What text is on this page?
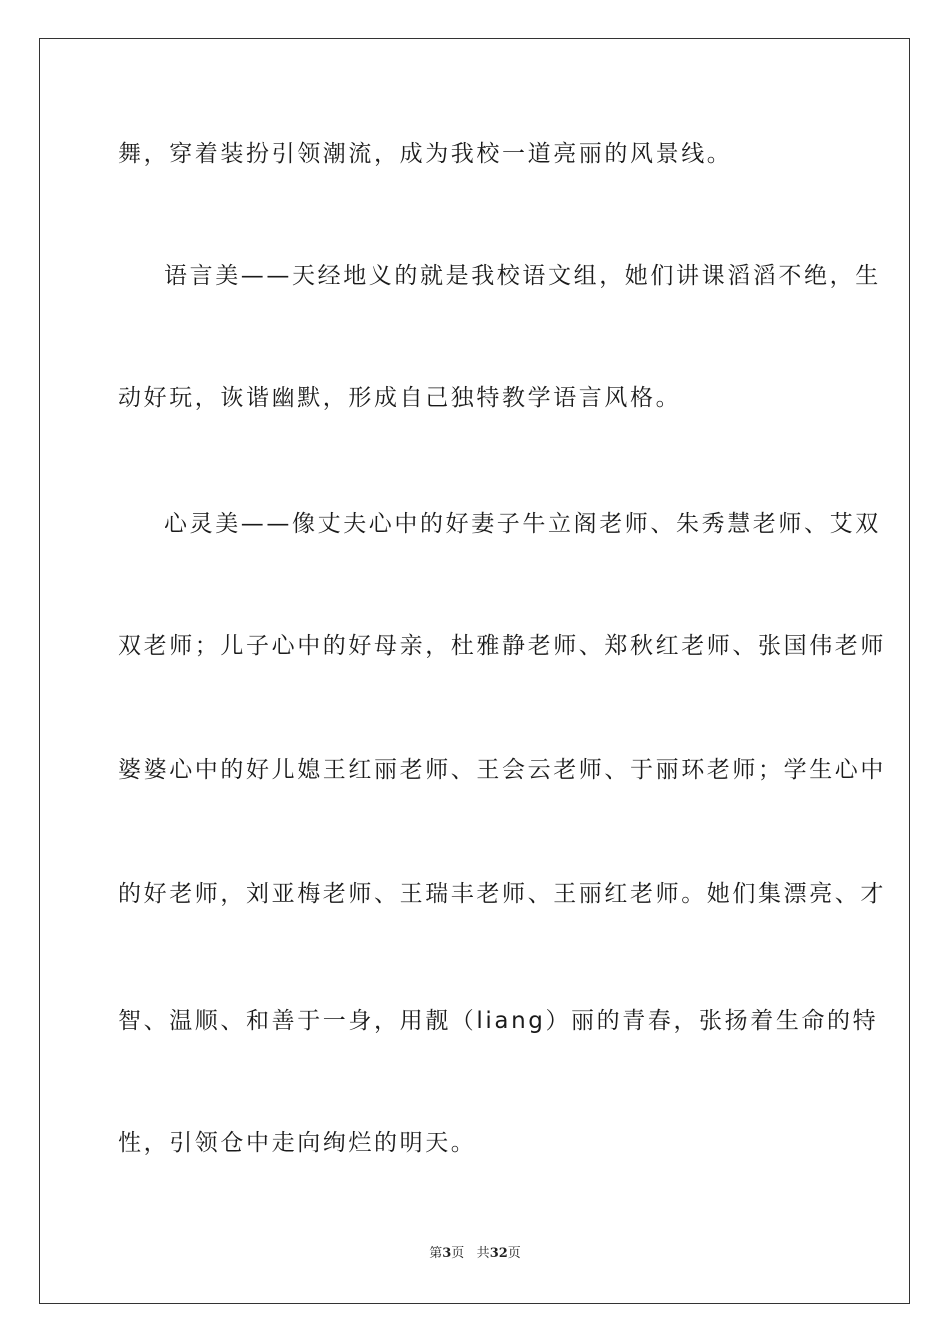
舞，穿着装扮引领潮流，成为我校一道亮丽的风景线。
语言美——天经地义的就是我校语文组，她们讲课滔滔不绝，生
动好玩，诙谐幽默，形成自己独特教学语言风格。
心灵美——像丈夫心中的好妻子牛立阁老师、朱秀慧老师、艾双
双老师；儿子心中的好母亲，杜雅静老师、郑秋红老师、张国伟老师
婆婆心中的好儿媳王红丽老师、王会云老师、于丽环老师；学生心中
的好老师，刘亚梅老师、王瑞丰老师、王丽红老师。她们集漂亮、才
智、温顺、和善于一身，用靓（liang）丽的青春，张扬着生命的特
性，引领仓中走向绚烂的明天。
第3页 共32页
